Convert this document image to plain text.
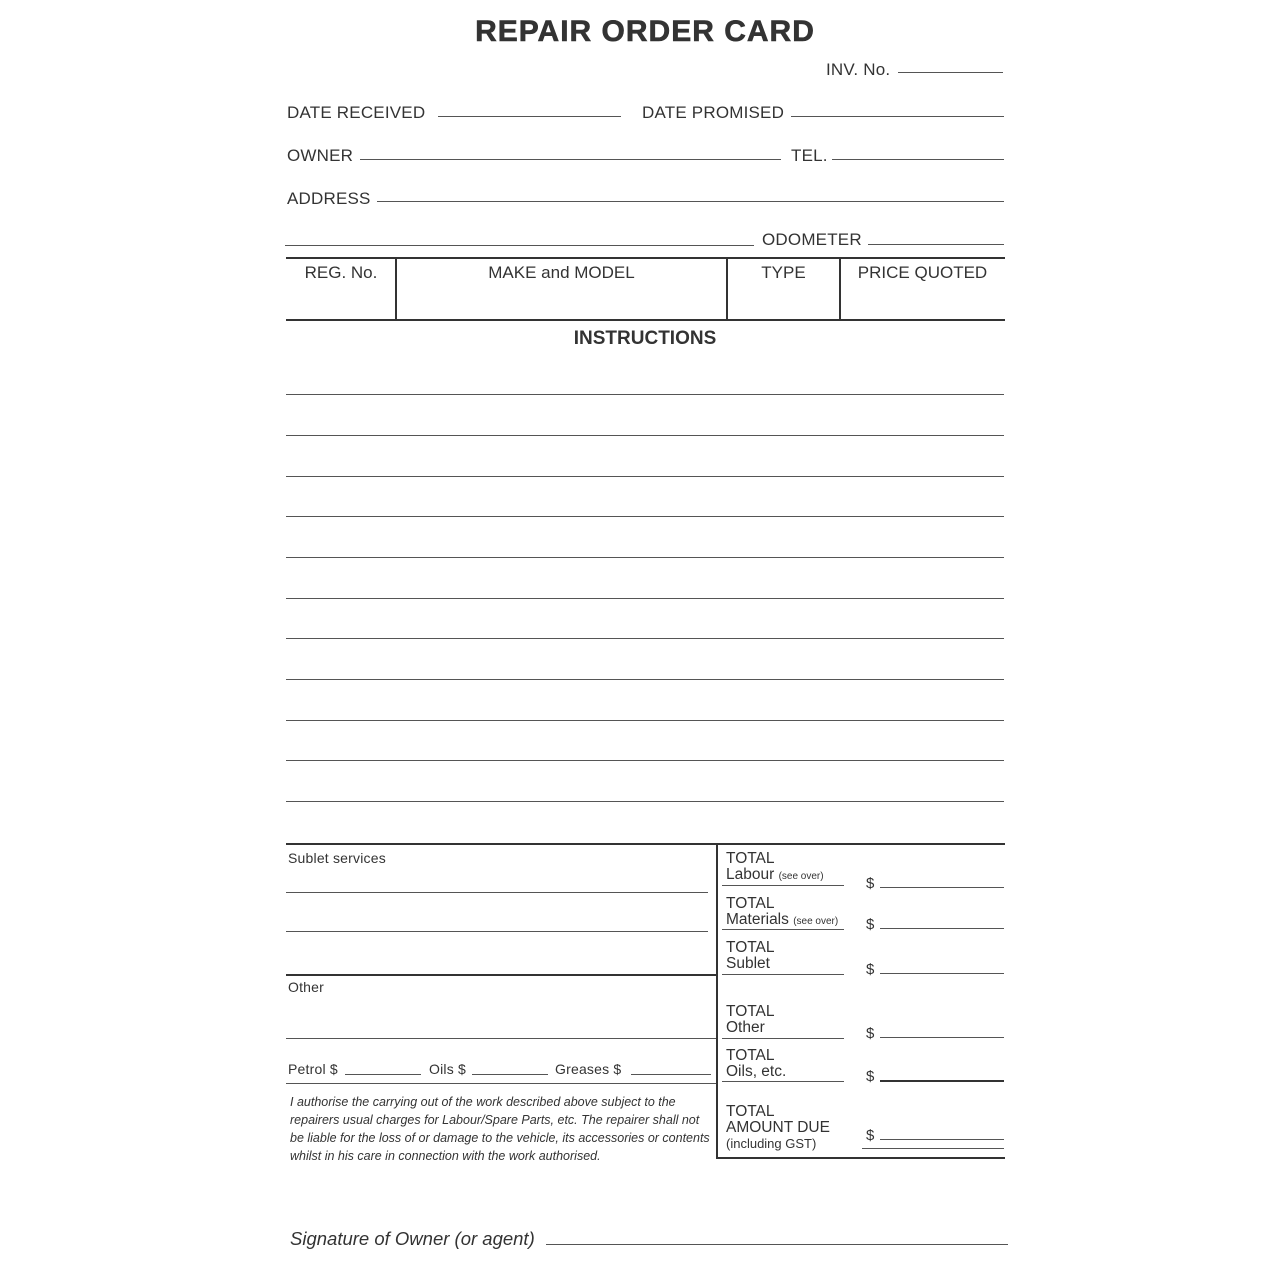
REPAIR ORDER CARD
INV. No.
DATE RECEIVED	DATE PROMISED
OWNER	TEL.
ADDRESS
ODOMETER
REG. No.	MAKE and MODEL	TYPE	PRICE QUOTED
INSTRUCTIONS
Sublet services
Other
Petrol $	Oils $	Greases $
I authorise the carrying out of the work described above subject to the repairers usual charges for Labour/Spare Parts, etc. The repairer shall not be liable for the loss of or damage to the vehicle, its accessories or contents whilst in his care in connection with the work authorised.
TOTAL
Labour (see over)	$
TOTAL
Materials (see over) $
TOTAL
Sublet	$
TOTAL
Other	$
TOTAL
Oils, etc.	$
TOTAL
AMOUNT DUE
(including GST)	$
Signature of Owner (or agent)
